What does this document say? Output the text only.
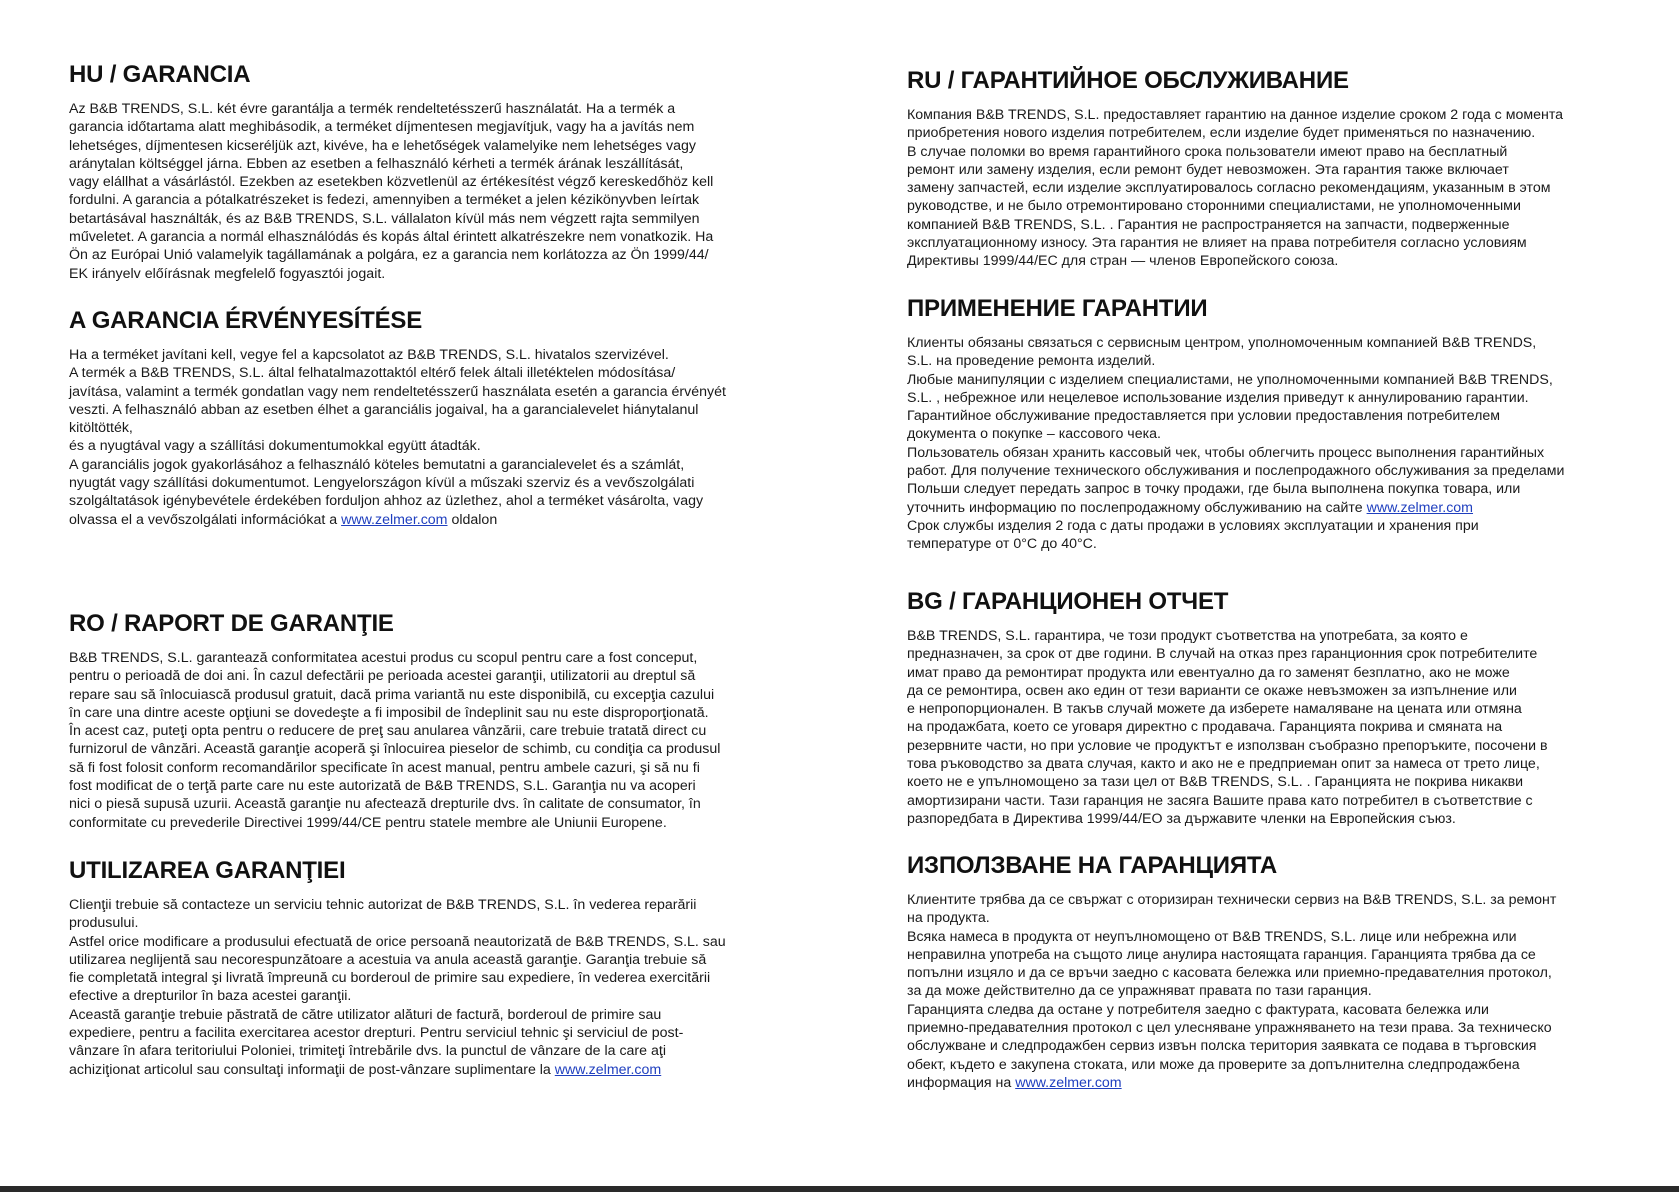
HU / GARANCIA

Az B&B TRENDS, S.L. két évre garantálja a termék rendeltetésszerű használatát. Ha a termék a

garancia időtartama alatt meghibásodik, a terméket díjmentesen megjavítjuk, vagy ha a javítás nem

lehetséges, díjmentesen kicseréljük azt, kivéve, ha e lehetőségek valamelyike nem lehetséges vagy

aránytalan költséggel járna. Ebben az esetben a felhasználó kérheti a termék árának leszállítását,

vagy elállhat a vásárlástól. Ezekben az esetekben közvetlenül az értékesítést végző kereskedőhöz kell

fordulni. A garancia a pótalkatrészeket is fedezi, amennyiben a terméket a jelen kézikönyvben leírtak

betartásával használták, és az B&B TRENDS, S.L. vállalaton kívül más nem végzett rajta semmilyen

műveletet. A garancia a normál elhasználódás és kopás által érintett alkatrészekre nem vonatkozik. Ha

Ön az Európai Unió valamelyik tagállamának a polgára, ez a garancia nem korlátozza az Ön 1999/44/

EK irányelv előírásnak megfelelő fogyasztói jogait.

A GARANCIA ÉRVÉNYESÍTÉSE

Ha a terméket javítani kell, vegye fel a kapcsolatot az B&B TRENDS, S.L. hivatalos szervizével.

A termék a B&B TRENDS, S.L. által felhatalmazottaktól eltérő felek általi illetéktelen módosítása/

javítása, valamint a termék gondatlan vagy nem rendeltetésszerű használata esetén a garancia érvényét

veszti. A felhasználó abban az esetben élhet a garanciális jogaival, ha a garancialevelet hiánytalanul

kitöltötték,

és a nyugtával vagy a szállítási dokumentumokkal együtt átadták.

A garanciális jogok gyakorlásához a felhasználó köteles bemutatni a garancialevelet és a számlát,

nyugtát vagy szállítási dokumentumot. Lengyelországon kívül a műszaki szerviz és a vevőszolgálati

szolgáltatások igénybevétele érdekében forduljon ahhoz az üzlethez, ahol a terméket vásárolta, vagy

olvassa el a vevőszolgálati információkat a www.zelmer.com oldalon

RO / RAPORT DE GARANŢIE

B&B TRENDS, S.L. garantează conformitatea acestui produs cu scopul pentru care a fost conceput,

pentru o perioadă de doi ani. În cazul defectării pe perioada acestei garanţii, utilizatorii au dreptul să

repare sau să înlocuiască produsul gratuit, dacă prima variantă nu este disponibilă, cu excepţia cazului

în care una dintre aceste opţiuni se dovedeşte a fi imposibil de îndeplinit sau nu este disproporţionată.

În acest caz, puteţi opta pentru o reducere de preţ sau anularea vânzării, care trebuie tratată direct cu

furnizorul de vânzări. Această garanţie acoperă şi înlocuirea pieselor de schimb, cu condiţia ca produsul

să fi fost folosit conform recomandărilor specificate în acest manual, pentru ambele cazuri, şi să nu fi

fost modificat de o terţă parte care nu este autorizată de B&B TRENDS, S.L. Garanţia nu va acoperi

nici o piesă supusă uzurii. Această garanţie nu afectează drepturile dvs. în calitate de consumator, în

conformitate cu prevederile Directivei 1999/44/CE pentru statele membre ale Uniunii Europene.

UTILIZAREA GARANŢIEI

Clienţii trebuie să contacteze un serviciu tehnic autorizat de B&B TRENDS, S.L. în vederea reparării

produsului.

Astfel orice modificare a produsului efectuată de orice persoană neautorizată de B&B TRENDS, S.L. sau

utilizarea neglijentă sau necorespunzătoare a acestuia va anula această garanţie. Garanţia trebuie să

fie completată integral şi livrată împreună cu borderoul de primire sau expediere, în vederea exercitării

efective a drepturilor în baza acestei garanţii.

Această garanţie trebuie păstrată de către utilizator alături de factură, borderoul de primire sau

expediere, pentru a facilita exercitarea acestor drepturi. Pentru serviciul tehnic şi serviciul de post-

vânzare în afara teritoriului Poloniei, trimiteţi întrebările dvs. la punctul de vânzare de la care aţi

achiziţionat articolul sau consultaţi informaţii de post-vânzare suplimentare la www.zelmer.com

RU / ГАРАНТИЙНОЕ ОБСЛУЖИВАНИЕ

Компания B&B TRENDS, S.L. предоставляет гарантию на данное изделие сроком 2 года с момента

приобретения нового изделия потребителем, если изделие будет применяться по назначению.

В случае поломки во время гарантийного срока пользователи имеют право на бесплатный

ремонт или замену изделия, если ремонт будет невозможен. Эта гарантия также включает

замену запчастей, если изделие эксплуатировалось согласно рекомендациям, указанным в этом

руководстве, и не было отремонтировано сторонними специалистами, не уполномоченными

компанией B&B TRENDS, S.L. . Гарантия не распространяется на запчасти, подверженные

эксплуатационному износу. Эта гарантия не влияет на права потребителя согласно условиям

Директивы 1999/44/ЕС для стран — членов Европейского союза.

ПРИМЕНЕНИЕ ГАРАНТИИ

Клиенты обязаны связаться с сервисным центром, уполномоченным компанией B&B TRENDS,

S.L. на проведение ремонта изделий.

Любые манипуляции с изделием специалистами, не уполномоченными компанией B&B TRENDS,

S.L. , небрежное или нецелевое использование изделия приведут к аннулированию гарантии.

Гарантийное обслуживание предоставляется при условии предоставления потребителем

документа о покупке – кассового чека.

Пользователь обязан хранить кассовый чек, чтобы облегчить процесс выполнения гарантийных

работ. Для получение технического обслуживания и послепродажного обслуживания за пределами

Польши следует передать запрос в точку продажи, где была выполнена покупка товара, или

уточнить информацию по послепродажному обслуживанию на сайте www.zelmer.com

Срок службы изделия 2 года с даты продажи в условиях эксплуатации и хранения при

температуре от 0°С до 40°С.

BG / ГАРАНЦИОНЕН ОТЧЕТ

B&B TRENDS, S.L. гарантира, че този продукт съответства на употребата, за която е

предназначен, за срок от две години. В случай на отказ през гаранционния срок потребителите

имат право да ремонтират продукта или евентуално да го заменят безплатно, ако не може

да се ремонтира, освен ако един от тези варианти се окаже невъзможен за изпълнение или

е непропорционален. В такъв случай можете да изберете намаляване на цената или отмяна

на продажбата, което се уговаря директно с продавача. Гаранцията покрива и смяната на

резервните части, но при условие че продуктът е използван съобразно препоръките, посочени в

това ръководство за двата случая, както и ако не е предприеман опит за намеса от трето лице,

което не е упълномощено за тази цел от B&B TRENDS, S.L. . Гаранцията не покрива никакви

амортизирани части. Тази гаранция не засяга Вашите права като потребител в съответствие с

разпоредбата в Директива 1999/44/ЕО за държавите членки на Европейския съюз.

ИЗПОЛЗВАНЕ НА ГАРАНЦИЯТА

Клиентите трябва да се свържат с оторизиран технически сервиз на B&B TRENDS, S.L. за ремонт

на продукта.

Всяка намеса в продукта от неупълномощено от B&B TRENDS, S.L. лице или небрежна или

неправилна употреба на същото лице анулира настоящата гаранция. Гаранцията трябва да се

попълни изцяло и да се връчи заедно с касовата бележка или приемно-предавателния протокол,

за да може действително да се упражняват правата по тази гаранция.

Гаранцията следва да остане у потребителя заедно с фактурата, касовата бележка или

приемно-предавателния протокол с цел улесняване упражняването на тези права. За техническо

обслужване и следпродажбен сервиз извън полска територия заявката се подава в търговския

обект, където е закупена стоката, или може да проверите за допълнителна следпродажбена

информация на www.zelmer.com
